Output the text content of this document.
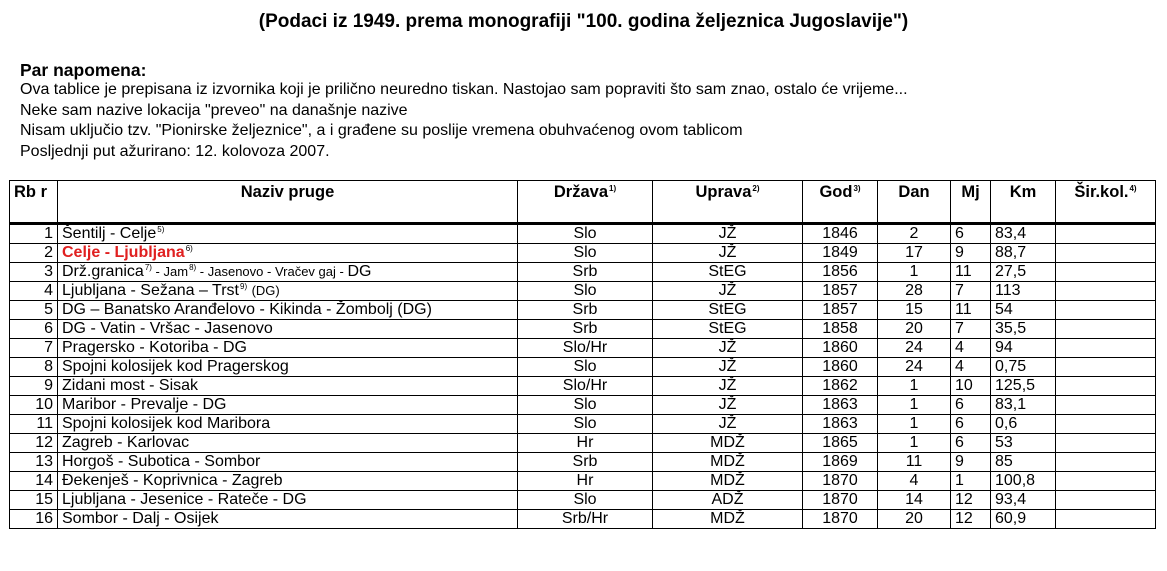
(Podaci iz 1949. prema monografiji "100. godina željeznica Jugoslavije")
Par napomena:
Ova tablice je prepisana iz izvornika koji je prilično neuredno tiskan. Nastojao sam popraviti što sam znao, ostalo će vrijeme...
Neke sam nazive lokacija "preveo" na današnje nazive
Nisam uključio tzv. "Pionirske željeznice", a i građene su poslije vremena obuhvaćenog ovom tablicom
Posljednji put ažurirano: 12. kolovoza 2007.
Rb r	Naziv pruge	Država$^{1)}$	Uprava$^{2)}$	God$^{3)}$	Dan	Mj	Km	Šir.kol.$^{4)}$
1	Šentilj - Celje$^{5)}$	Slo	JŽ	1846	2	6	83,4	
2	Celje - Ljubljana$^{6)}$	Slo	JŽ	1849	17	9	88,7	
3	Drž.granica$^{7)}$ - Jam$^{8)}$ - Jasenovo - Vračev gaj - DG	Srb	StEG	1856	1	11	27,5	
4	Ljubljana - Sežana – Trst$^{9)}$ (DG)	Slo	JŽ	1857	28	7	113	
5	DG – Banatsko Aranđelovo - Kikinda - Žombolj (DG)	Srb	StEG	1857	15	11	54	
6	DG - Vatin - Vršac - Jasenovo	Srb	StEG	1858	20	7	35,5	
7	Pragersko - Kotoriba - DG	Slo/Hr	JŽ	1860	24	4	94	
8	Spojni kolosijek kod Pragerskog	Slo	JŽ	1860	24	4	0,75	
9	Zidani most - Sisak	Slo/Hr	JŽ	1862	1	10	125,5	
10	Maribor - Prevalje - DG	Slo	JŽ	1863	1	6	83,1	
11	Spojni kolosijek kod Maribora	Slo	JŽ	1863	1	6	0,6	
12	Zagreb - Karlovac	Hr	MDŽ	1865	1	6	53	
13	Horgoš - Subotica - Sombor	Srb	MDŽ	1869	11	9	85	
14	Đekenješ - Koprivnica - Zagreb	Hr	MDŽ	1870	4	1	100,8	
15	Ljubljana - Jesenice - Rateče - DG	Slo	ADŽ	1870	14	12	93,4	
16	Sombor - Dalj - Osijek	Srb/Hr	MDŽ	1870	20	12	60,9	
